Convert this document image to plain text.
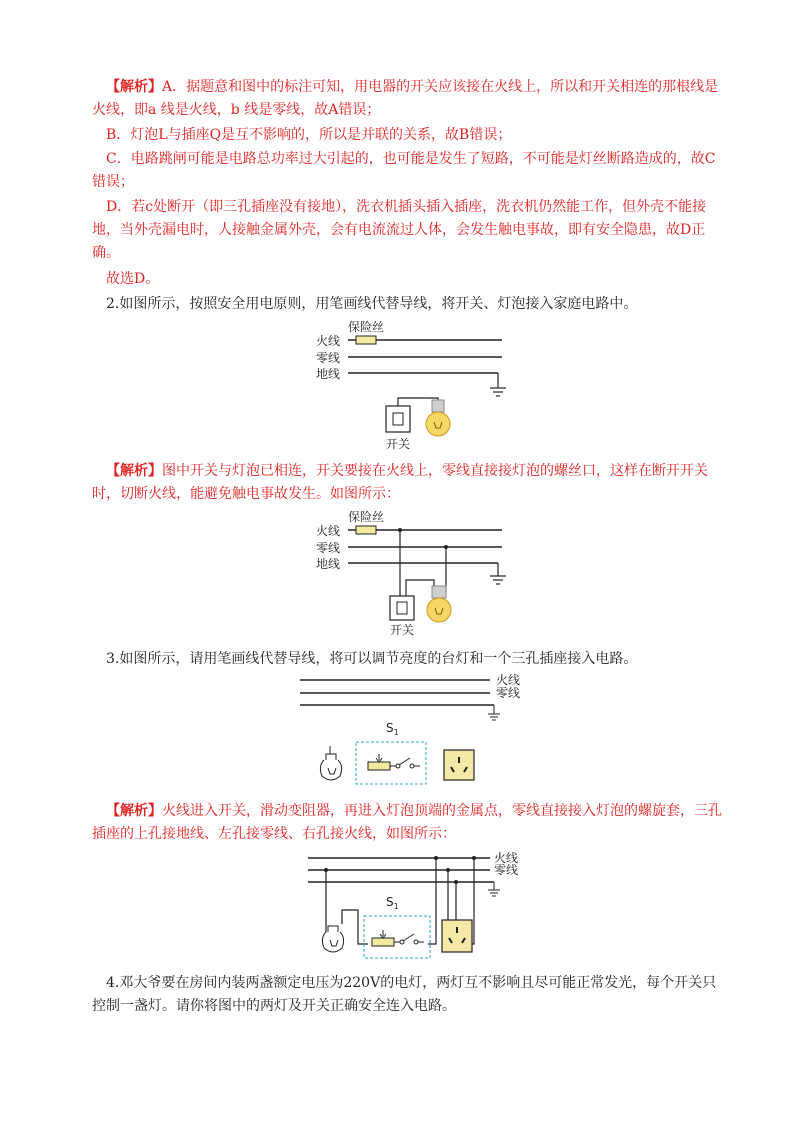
【解析】A．据题意和图中的标注可知，用电器的开关应该接在火线上，所以和开关相连的那根线是火线，即a 线是火线，b 线是零线，故A错误；
B．灯泡L与插座Q是互不影响的，所以是并联的关系，故B错误；
C．电路跳闸可能是电路总功率过大引起的，也可能是发生了短路，不可能是灯丝断路造成的，故C错误；
D．若c处断开（即三孔插座没有接地），洗衣机插头插入插座，洗衣机仍然能工作，但外壳不能接地，当外壳漏电时，人接触金属外壳，会有电流流过人体，会发生触电事故，即有安全隐患，故D正确。
故选D。
2.如图所示，按照安全用电原则，用笔画线代替导线，将开关、灯泡接入家庭电路中。
火线
零线
地线
保险丝
开关
【解析】图中开关与灯泡已相连，开关要接在火线上，零线直接接灯泡的螺丝口，这样在断开开关时，切断火线，能避免触电事故发生。如图所示：
火线
零线
地线
保险丝
开关
3.如图所示，请用笔画线代替导线，将可以调节亮度的台灯和一个三孔插座接入电路。
火线
零线
$S_1$
【解析】火线进入开关，滑动变阻器，再进入灯泡顶端的金属点，零线直接接入灯泡的螺旋套，三孔插座的上孔接地线、左孔接零线、右孔接火线，如图所示：
火线
零线
$S_1$
4.邓大爷要在房间内装两盏额定电压为220V的电灯，两灯互不影响且尽可能正常发光，每个开关只控制一盏灯。请你将图中的两灯及开关正确安全连入电路。
